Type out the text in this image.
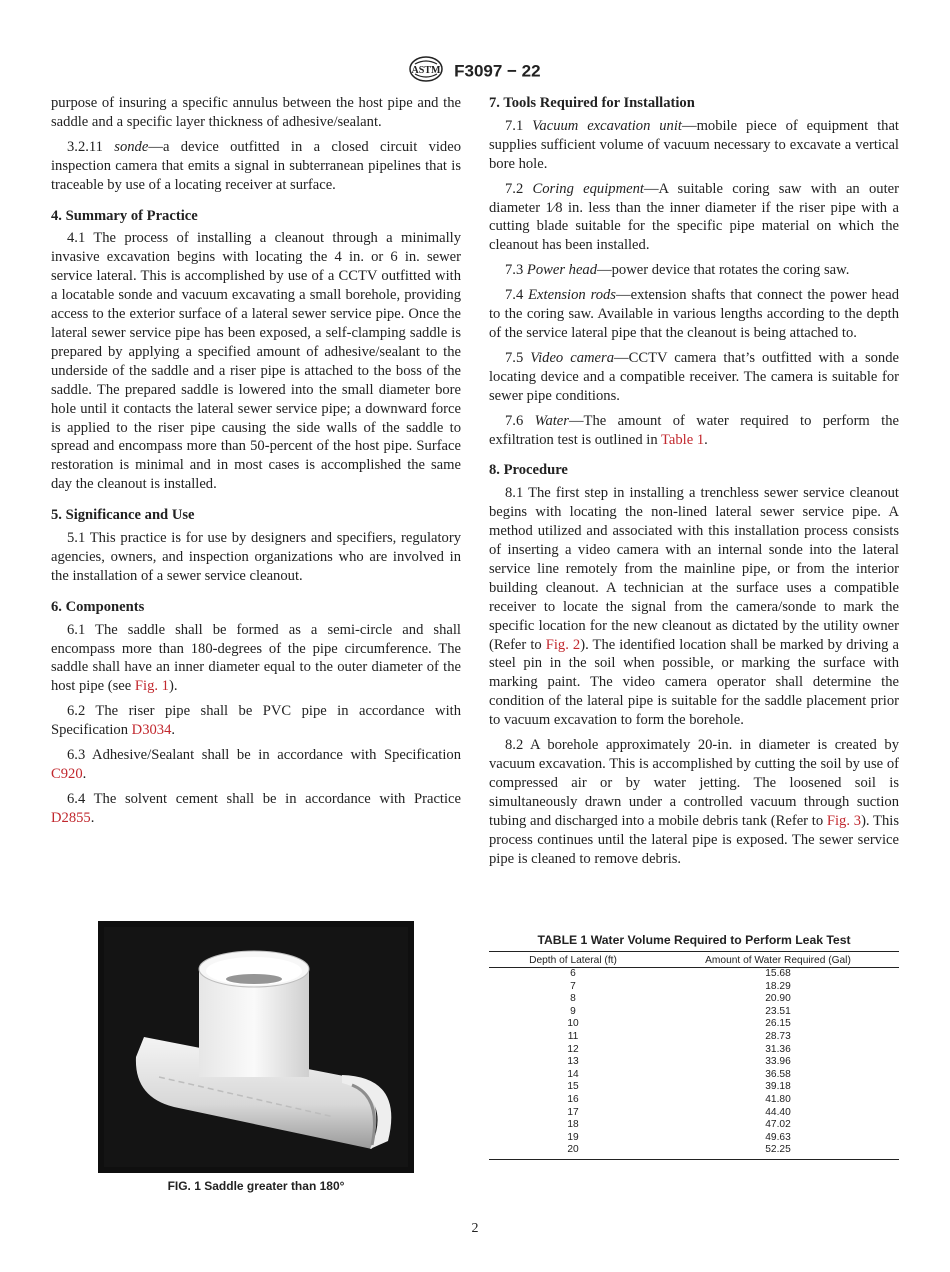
ASTM F3097 − 22

purpose of insuring a specific annulus between the host pipe and the saddle and a specific layer thickness of adhesive/sealant.

3.2.11 sonde—a device outfitted in a closed circuit video inspection camera that emits a signal in subterranean pipelines that is traceable by use of a locating receiver at surface.

4. Summary of Practice

4.1 The process of installing a cleanout through a minimally invasive excavation begins with locating the 4 in. or 6 in. sewer service lateral. This is accomplished by use of a CCTV outfitted with a locatable sonde and vacuum excavating a small borehole, providing access to the exterior surface of a lateral sewer service pipe. Once the lateral sewer service pipe has been exposed, a self-clamping saddle is prepared by applying a specified amount of adhesive/sealant to the underside of the saddle and a riser pipe is attached to the boss of the saddle. The prepared saddle is lowered into the small diameter bore hole until it contacts the lateral sewer service pipe; a downward force is applied to the riser pipe causing the side walls of the saddle to spread and encompass more than 50-percent of the host pipe. Surface restoration is minimal and in most cases is accomplished the same day the cleanout is installed.

5. Significance and Use

5.1 This practice is for use by designers and specifiers, regulatory agencies, owners, and inspection organizations who are involved in the installation of a sewer service cleanout.

6. Components

6.1 The saddle shall be formed as a semi-circle and shall encompass more than 180-degrees of the pipe circumference. The saddle shall have an inner diameter equal to the outer diameter of the host pipe (see Fig. 1).

6.2 The riser pipe shall be PVC pipe in accordance with Specification D3034.

6.3 Adhesive/Sealant shall be in accordance with Specification C920.

6.4 The solvent cement shall be in accordance with Practice D2855.

7. Tools Required for Installation

7.1 Vacuum excavation unit—mobile piece of equipment that supplies sufficient volume of vacuum necessary to excavate a vertical bore hole.

7.2 Coring equipment—A suitable coring saw with an outer diameter 1⁄8 in. less than the inner diameter if the riser pipe with a cutting blade suitable for the specific pipe material on which the cleanout has been installed.

7.3 Power head—power device that rotates the coring saw.

7.4 Extension rods—extension shafts that connect the power head to the coring saw. Available in various lengths according to the depth of the service lateral pipe that the cleanout is being attached to.

7.5 Video camera—CCTV camera that’s outfitted with a sonde locating device and a compatible receiver. The camera is suitable for sewer pipe conditions.

7.6 Water—The amount of water required to perform the exfiltration test is outlined in Table 1.

8. Procedure

8.1 The first step in installing a trenchless sewer service cleanout begins with locating the non-lined lateral sewer service pipe. A method utilized and associated with this installation process consists of inserting a video camera with an internal sonde into the lateral service line remotely from the mainline pipe, or from the interior building cleanout. A technician at the surface uses a compatible receiver to locate the signal from the camera/sonde to mark the specific location for the new cleanout as dictated by the utility owner (Refer to Fig. 2). The identified location shall be marked by driving a steel pin in the soil when possible, or marking the surface with marking paint. The video camera operator shall determine the condition of the lateral pipe is suitable for the saddle placement prior to vacuum excavation to form the borehole.

8.2 A borehole approximately 20-in. in diameter is created by vacuum excavation. This is accomplished by cutting the soil by use of compressed air or by water jetting. The loosened soil is simultaneously drawn under a controlled vacuum through suction tubing and discharged into a mobile debris tank (Refer to Fig. 3). This process continues until the lateral pipe is exposed. The sewer service pipe is cleaned to remove debris.

FIG. 1 Saddle greater than 180°
TABLE 1 Water Volume Required to Perform Leak Test
Depth of Lateral (ft)	Amount of Water Required (Gal)
6	15.68
7	18.29
8	20.90
9	23.51
10	26.15
11	28.73
12	31.36
13	33.96
14	36.58
15	39.18
16	41.80
17	44.40
18	47.02
19	49.63
20	52.25
2
